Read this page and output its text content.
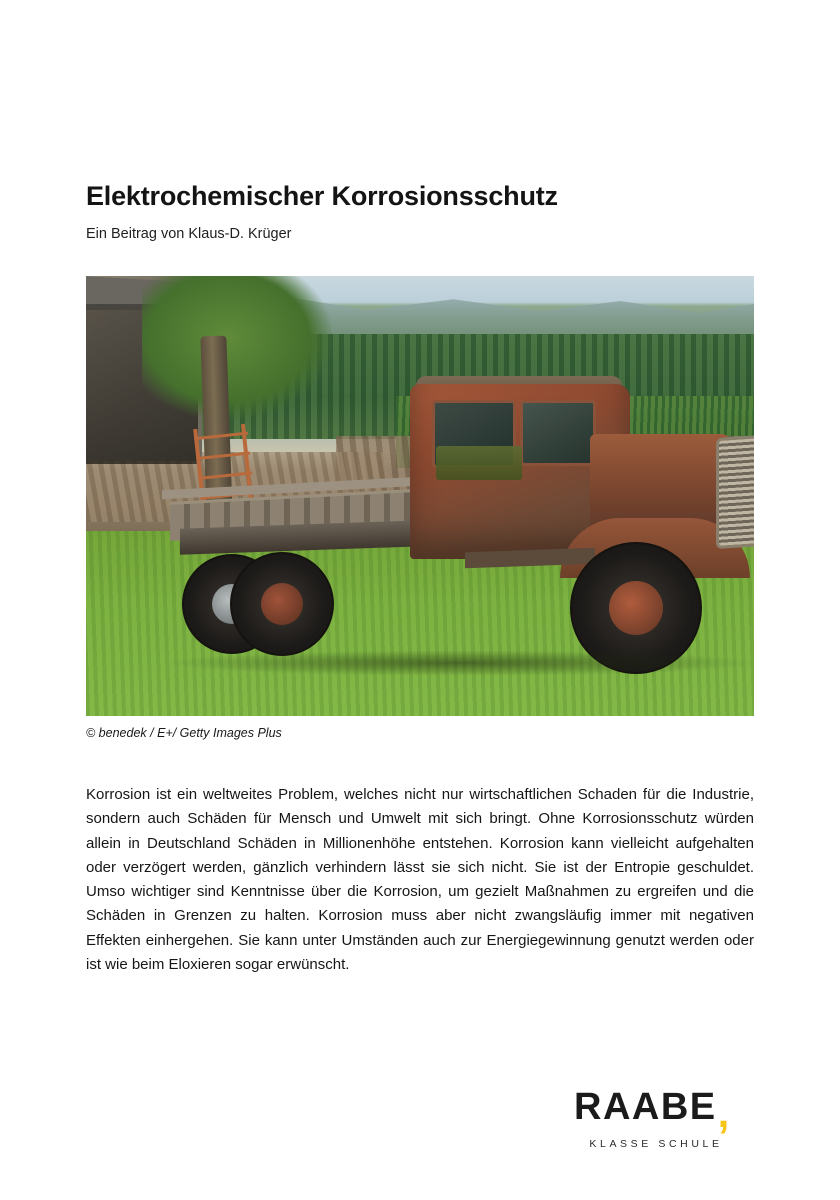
Elektrochemischer Korrosionsschutz
Ein Beitrag von Klaus-D. Krüger
© benedek / E+/ Getty Images Plus

Korrosion ist ein weltweites Problem, welches nicht nur wirtschaftlichen Schaden für die Industrie, sondern auch Schäden für Mensch und Umwelt mit sich bringt. Ohne Korrosionsschutz würden allein in Deutschland Schäden in Millionenhöhe entstehen. Korrosion kann vielleicht aufgehalten oder verzögert werden, gänzlich verhindern lässt sie sich nicht. Sie ist der Entropie geschuldet. Umso wichtiger sind Kenntnisse über die Korrosion, um gezielt Maßnahmen zu ergreifen und die Schäden in Grenzen zu halten. Korrosion muss aber nicht zwangsläufig immer mit negativen Effekten einhergehen. Sie kann unter Umständen auch zur Energiegewinnung genutzt werden oder ist wie beim Eloxieren sogar erwünscht.

RAABE,
KLASSE SCHULE
